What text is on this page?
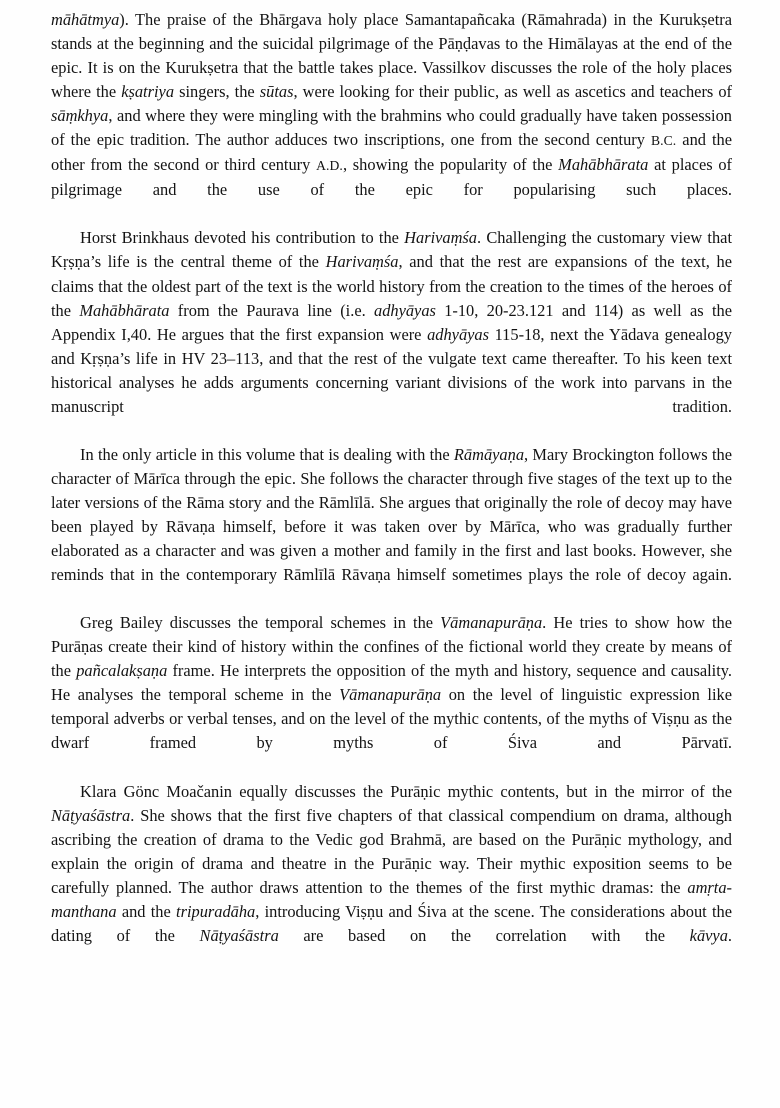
māhātmya). The praise of the Bhārgava holy place Samantapañcaka (Rāmahrada) in the Kurukṣetra stands at the beginning and the suicidal pilgrimage of the Pāṇḍavas to the Himālayas at the end of the epic. It is on the Kurukṣetra that the battle takes place. Vassilkov discusses the role of the holy places where the kṣatriya singers, the sūtas, were looking for their public, as well as ascetics and teachers of sāṃkhya, and where they were mingling with the brahmins who could gradually have taken possession of the epic tradition. The author adduces two inscriptions, one from the second century B.C. and the other from the second or third century A.D., showing the popularity of the Mahābhārata at places of pilgrimage and the use of the epic for popularising such places.

Horst Brinkhaus devoted his contribution to the Harivaṃśa. Challenging the customary view that Kṛṣṇa’s life is the central theme of the Harivaṃśa, and that the rest are expansions of the text, he claims that the oldest part of the text is the world history from the creation to the times of the heroes of the Mahābhārata from the Paurava line (i.e. adhyāyas 1-10, 20-23.121 and 114) as well as the Appendix I,40. He argues that the first expansion were adhyāyas 115-18, next the Yādava genealogy and Kṛṣṇa’s life in HV 23–113, and that the rest of the vulgate text came thereafter. To his keen text historical analyses he adds arguments concerning variant divisions of the work into parvans in the manuscript tradition.

In the only article in this volume that is dealing with the Rāmāyaṇa, Mary Brockington follows the character of Mārīca through the epic. She follows the character through five stages of the text up to the later versions of the Rāma story and the Rāmlīlā. She argues that originally the role of decoy may have been played by Rāvaṇa himself, before it was taken over by Mārīca, who was gradually further elaborated as a character and was given a mother and family in the first and last books. However, she reminds that in the contemporary Rāmlīlā Rāvaṇa himself sometimes plays the role of decoy again.

Greg Bailey discusses the temporal schemes in the Vāmanapurāṇa. He tries to show how the Purāṇas create their kind of history within the confines of the fictional world they create by means of the pañcalakṣaṇa frame. He interprets the opposition of the myth and history, sequence and causality. He analyses the temporal scheme in the Vāmanapurāṇa on the level of linguistic expression like temporal adverbs or verbal tenses, and on the level of the mythic contents, of the myths of Viṣṇu as the dwarf framed by myths of Śiva and Pārvatī.

Klara Gönc Moačanin equally discusses the Purāṇic mythic contents, but in the mirror of the Nāṭyaśāstra. She shows that the first five chapters of that classical compendium on drama, although ascribing the creation of drama to the Vedic god Brahmā, are based on the Purāṇic mythology, and explain the origin of drama and theatre in the Purāṇic way. Their mythic exposition seems to be carefully planned. The author draws attention to the themes of the first mythic dramas: the amṛta-manthana and the tripuradāha, introducing Viṣṇu and Śiva at the scene. The considerations about the dating of the Nāṭyaśāstra are based on the correlation with the kāvya.
